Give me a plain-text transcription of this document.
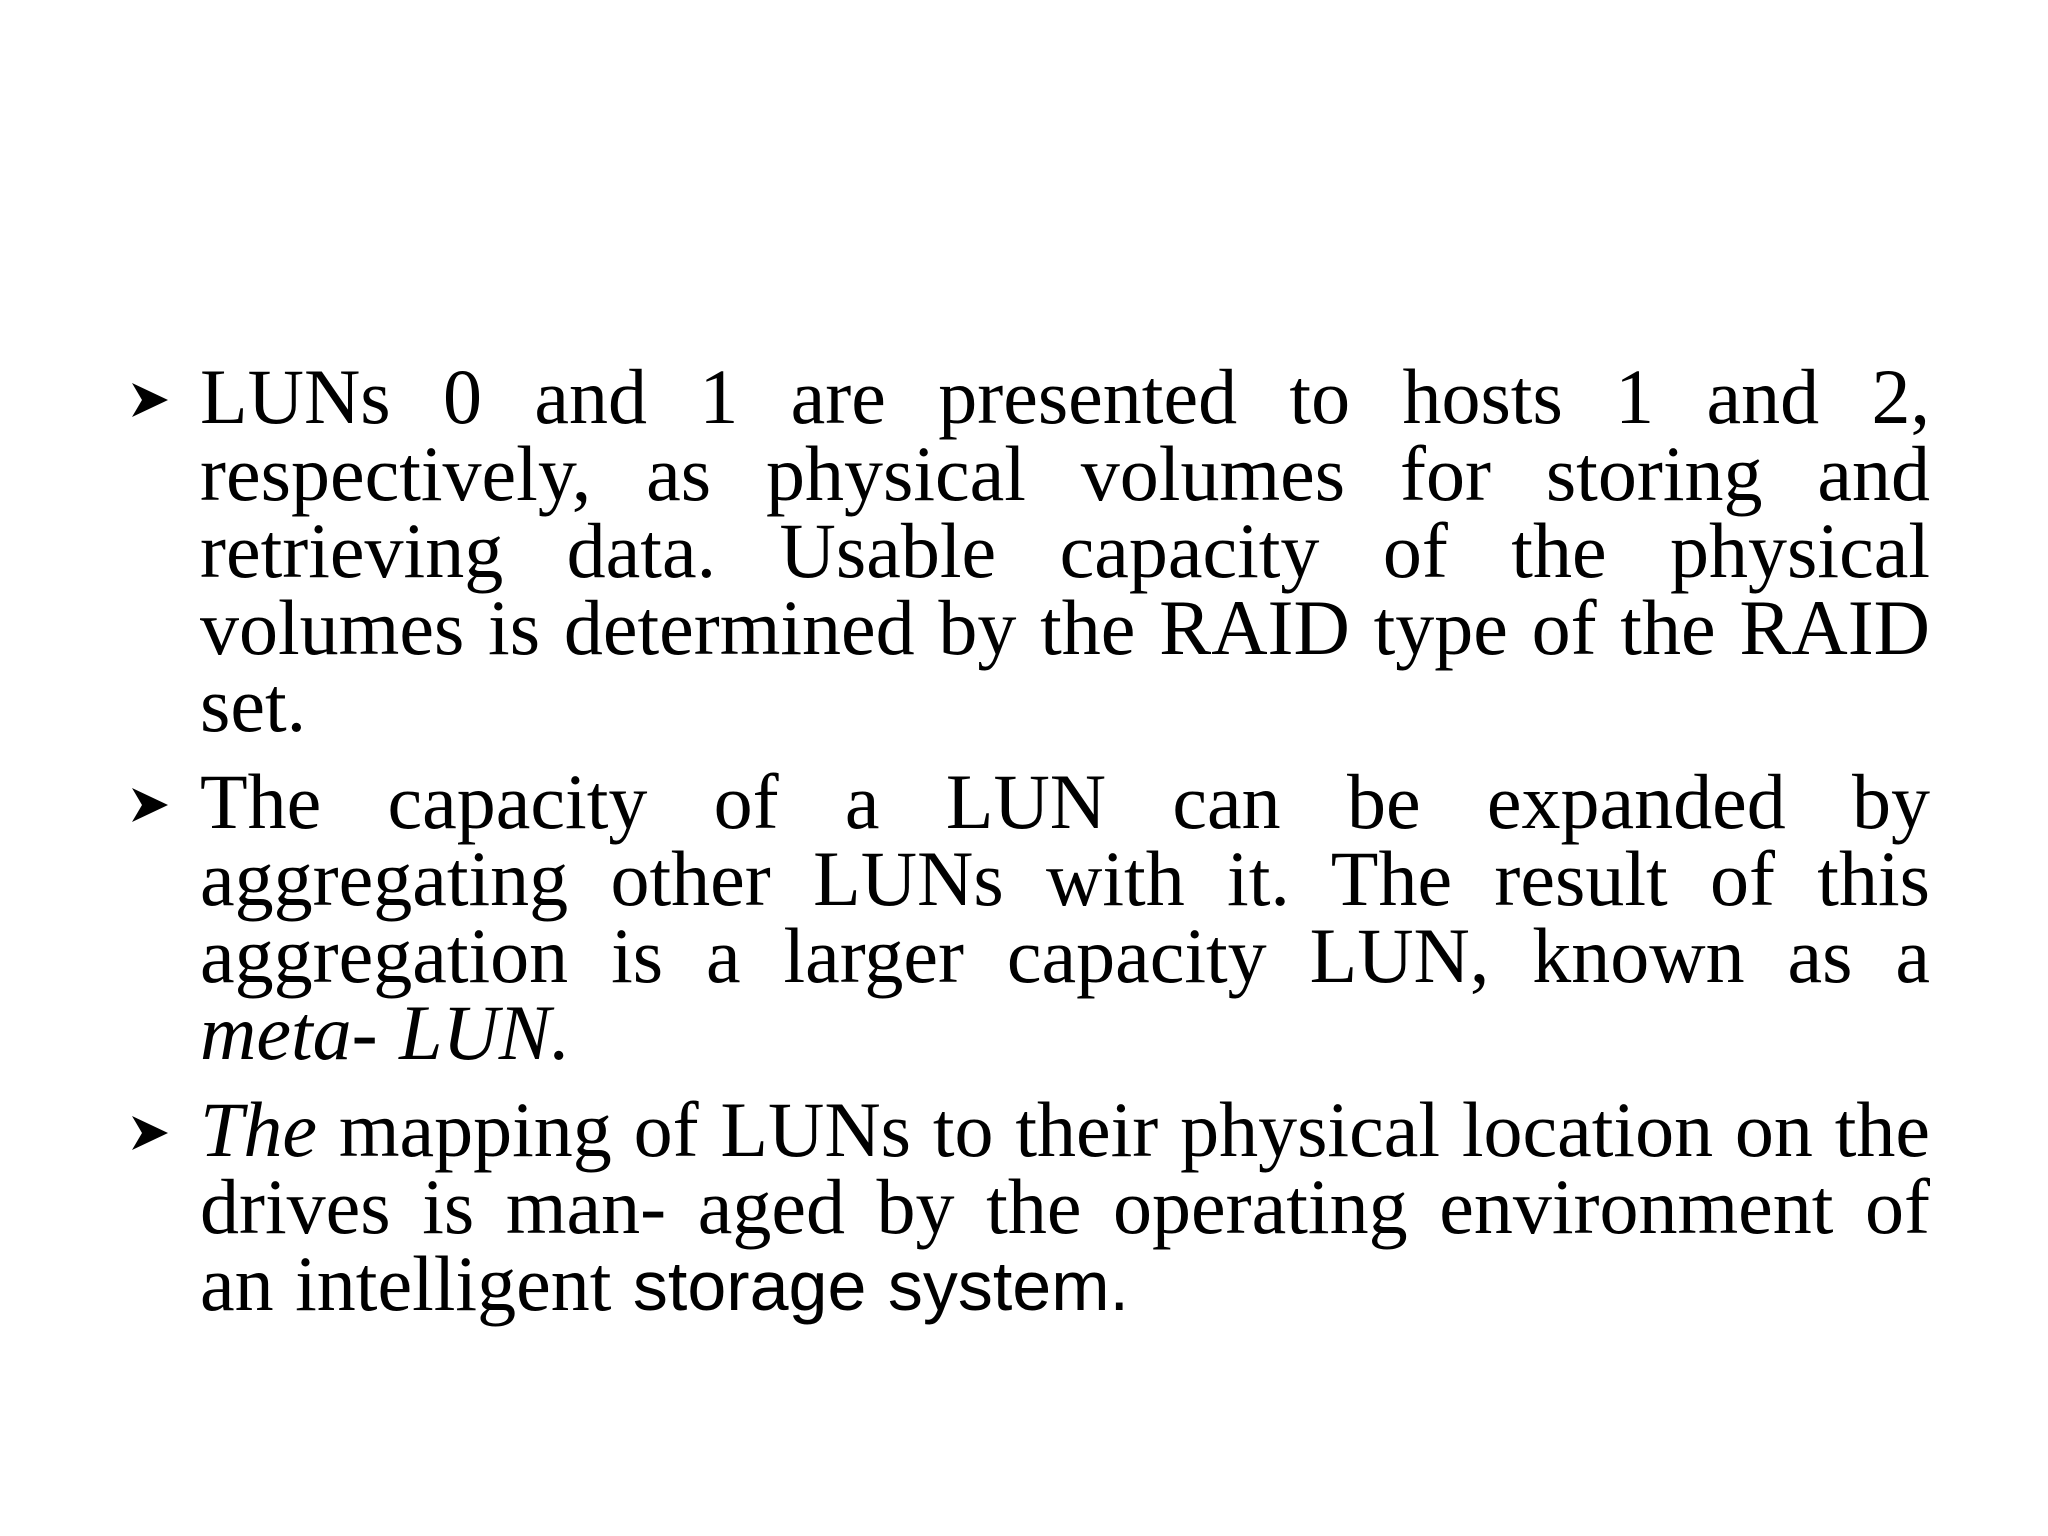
LUNs 0 and 1 are presented to hosts 1 and 2, respectively, as physical volumes for storing and retrieving data. Usable capacity of the physical volumes is determined by the RAID type of the RAID set.
The capacity of a LUN can be expanded by aggregating other LUNs with it. The result of this aggregation is a larger capacity LUN, known as a meta- LUN.
The mapping of LUNs to their physical location on the drives is man- aged by the operating environment of an intelligent storage system.
